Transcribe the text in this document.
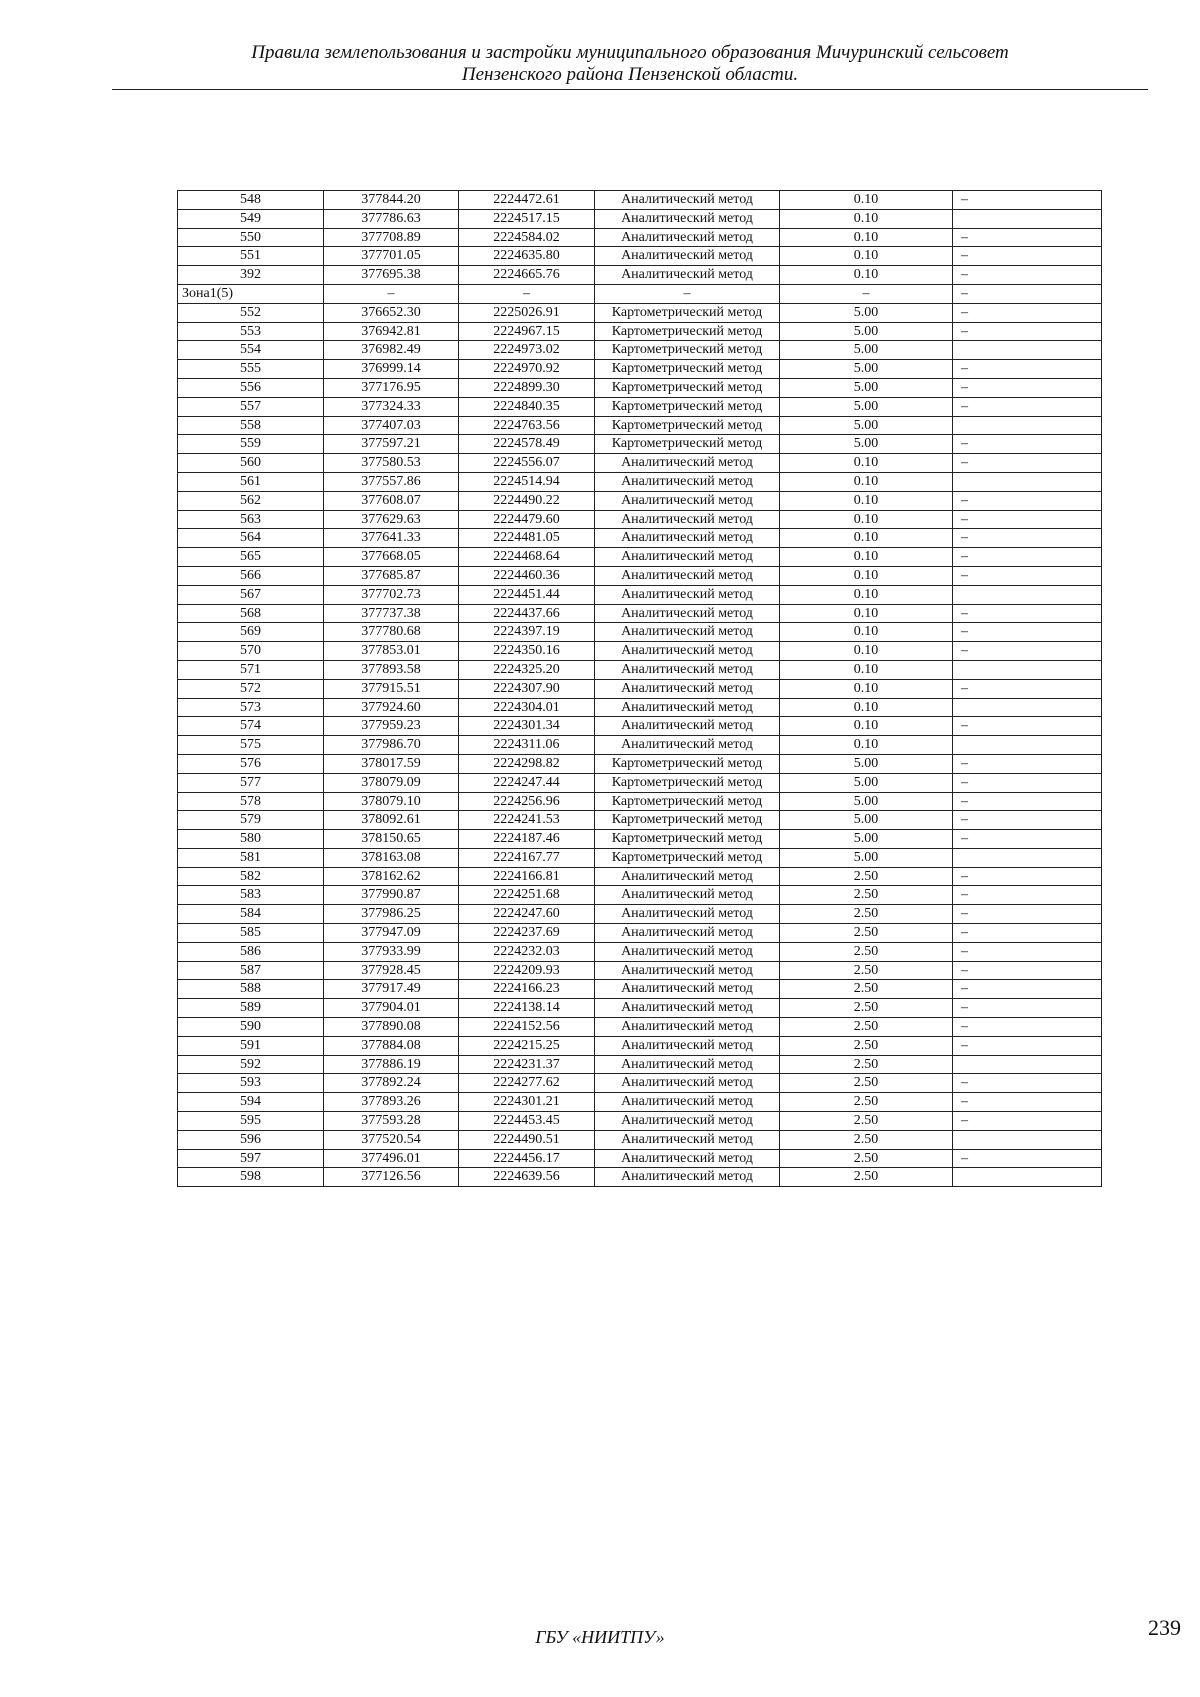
Правила землепользования и застройки муниципального образования Мичуринский сельсовет
Пензенского района Пензенской области.
548	377844.20	2224472.61	Аналитический метод	0.10	–
549	377786.63	2224517.15	Аналитический метод	0.10	
550	377708.89	2224584.02	Аналитический метод	0.10	–
551	377701.05	2224635.80	Аналитический метод	0.10	–
392	377695.38	2224665.76	Аналитический метод	0.10	–
Зона1(5)	–	–	–	–	–
552	376652.30	2225026.91	Картометрический метод	5.00	–
553	376942.81	2224967.15	Картометрический метод	5.00	–
554	376982.49	2224973.02	Картометрический метод	5.00	
555	376999.14	2224970.92	Картометрический метод	5.00	–
556	377176.95	2224899.30	Картометрический метод	5.00	–
557	377324.33	2224840.35	Картометрический метод	5.00	–
558	377407.03	2224763.56	Картометрический метод	5.00	
559	377597.21	2224578.49	Картометрический метод	5.00	–
560	377580.53	2224556.07	Аналитический метод	0.10	–
561	377557.86	2224514.94	Аналитический метод	0.10	
562	377608.07	2224490.22	Аналитический метод	0.10	–
563	377629.63	2224479.60	Аналитический метод	0.10	–
564	377641.33	2224481.05	Аналитический метод	0.10	–
565	377668.05	2224468.64	Аналитический метод	0.10	–
566	377685.87	2224460.36	Аналитический метод	0.10	–
567	377702.73	2224451.44	Аналитический метод	0.10	
568	377737.38	2224437.66	Аналитический метод	0.10	–
569	377780.68	2224397.19	Аналитический метод	0.10	–
570	377853.01	2224350.16	Аналитический метод	0.10	–
571	377893.58	2224325.20	Аналитический метод	0.10	
572	377915.51	2224307.90	Аналитический метод	0.10	–
573	377924.60	2224304.01	Аналитический метод	0.10	
574	377959.23	2224301.34	Аналитический метод	0.10	–
575	377986.70	2224311.06	Аналитический метод	0.10	
576	378017.59	2224298.82	Картометрический метод	5.00	–
577	378079.09	2224247.44	Картометрический метод	5.00	–
578	378079.10	2224256.96	Картометрический метод	5.00	–
579	378092.61	2224241.53	Картометрический метод	5.00	–
580	378150.65	2224187.46	Картометрический метод	5.00	–
581	378163.08	2224167.77	Картометрический метод	5.00	
582	378162.62	2224166.81	Аналитический метод	2.50	–
583	377990.87	2224251.68	Аналитический метод	2.50	–
584	377986.25	2224247.60	Аналитический метод	2.50	–
585	377947.09	2224237.69	Аналитический метод	2.50	–
586	377933.99	2224232.03	Аналитический метод	2.50	–
587	377928.45	2224209.93	Аналитический метод	2.50	–
588	377917.49	2224166.23	Аналитический метод	2.50	–
589	377904.01	2224138.14	Аналитический метод	2.50	–
590	377890.08	2224152.56	Аналитический метод	2.50	–
591	377884.08	2224215.25	Аналитический метод	2.50	–
592	377886.19	2224231.37	Аналитический метод	2.50	
593	377892.24	2224277.62	Аналитический метод	2.50	–
594	377893.26	2224301.21	Аналитический метод	2.50	–
595	377593.28	2224453.45	Аналитический метод	2.50	–
596	377520.54	2224490.51	Аналитический метод	2.50	
597	377496.01	2224456.17	Аналитический метод	2.50	–
598	377126.56	2224639.56	Аналитический метод	2.50	
ГБУ «НИИТПУ»	239
